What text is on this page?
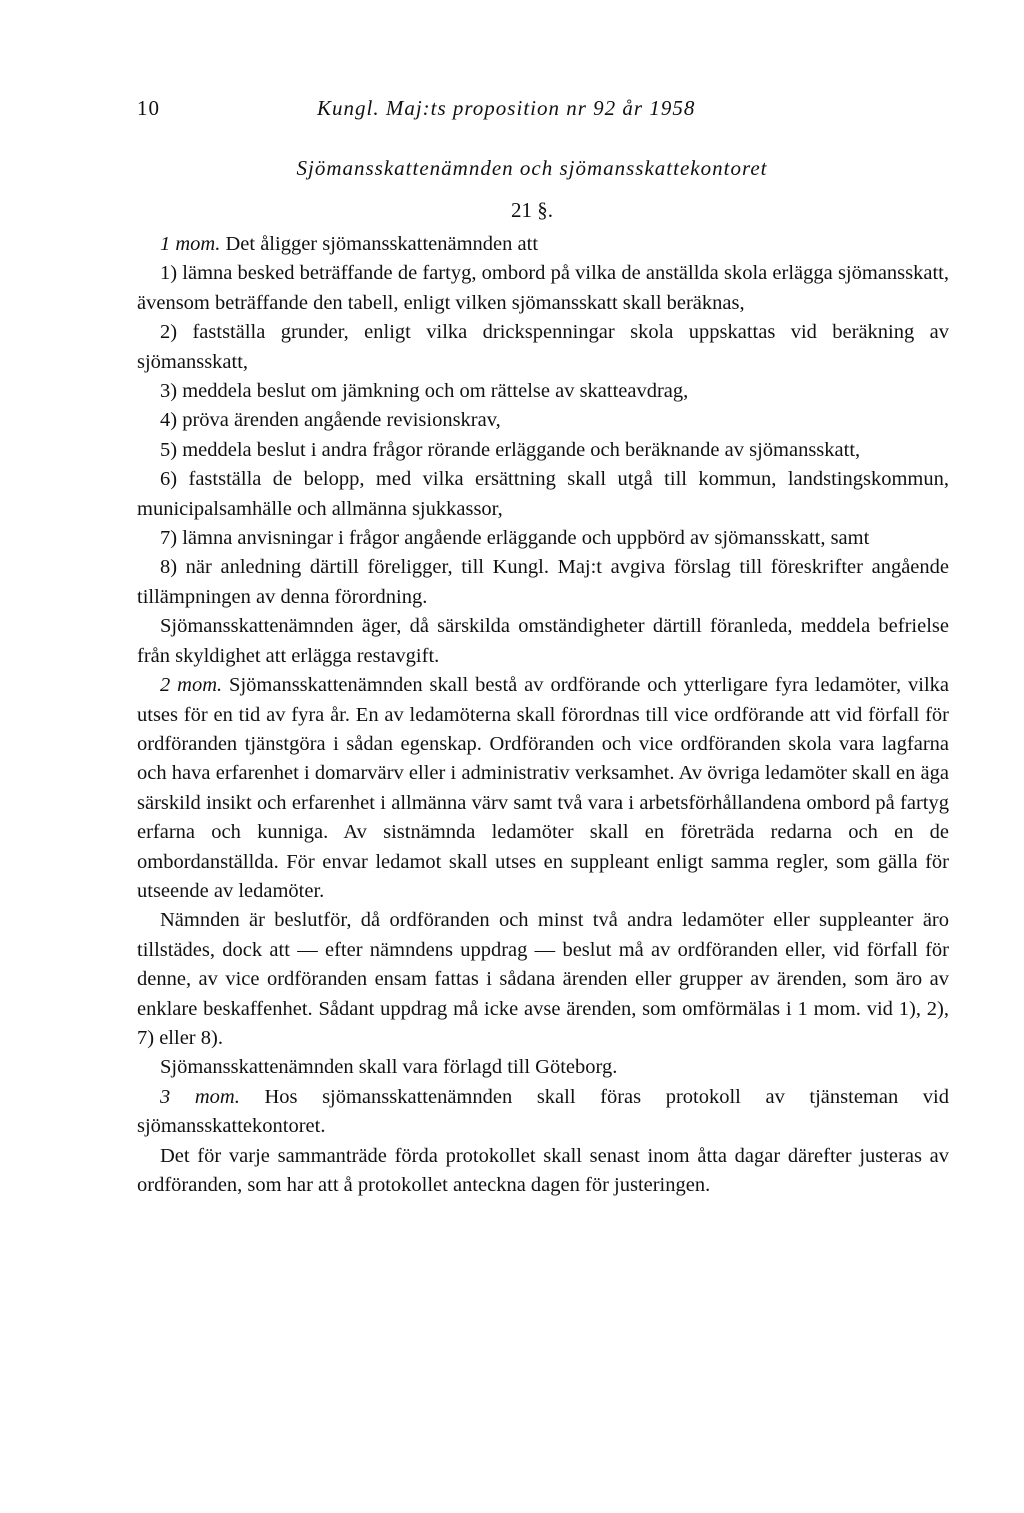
10	Kungl. Maj:ts proposition nr 92 år 1958
Sjömansskattenämnden och sjömansskattekontoret
21 §.

1 mom. Det åligger sjömansskattenämnden att

1) lämna besked beträffande de fartyg, ombord på vilka de anställda skola erlägga sjömansskatt, ävensom beträffande den tabell, enligt vilken sjömansskatt skall beräknas,

2) fastställa grunder, enligt vilka drickspenningar skola uppskattas vid beräkning av sjömansskatt,

3) meddela beslut om jämkning och om rättelse av skatteavdrag,

4) pröva ärenden angående revisionskrav,

5) meddela beslut i andra frågor rörande erläggande och beräknande av sjömansskatt,

6) fastställa de belopp, med vilka ersättning skall utgå till kommun, landstingskommun, municipalsamhälle och allmänna sjukkassor,

7) lämna anvisningar i frågor angående erläggande och uppbörd av sjömansskatt, samt

8) när anledning därtill föreligger, till Kungl. Maj:t avgiva förslag till föreskrifter angående tillämpningen av denna förordning.

Sjömansskattenämnden äger, då särskilda omständigheter därtill föranleda, meddela befrielse från skyldighet att erlägga restavgift.

2 mom. Sjömansskattenämnden skall bestå av ordförande och ytterligare fyra ledamöter, vilka utses för en tid av fyra år. En av ledamöterna skall förordnas till vice ordförande att vid förfall för ordföranden tjänstgöra i sådan egenskap. Ordföranden och vice ordföranden skola vara lagfarna och hava erfarenhet i domarvärv eller i administrativ verksamhet. Av övriga ledamöter skall en äga särskild insikt och erfarenhet i allmänna värv samt två vara i arbetsförhållandena ombord på fartyg erfarna och kunniga. Av sistnämnda ledamöter skall en företräda redarna och en de ombordanställda. För envar ledamot skall utses en suppleant enligt samma regler, som gälla för utseende av ledamöter.

Nämnden är beslutför, då ordföranden och minst två andra ledamöter eller suppleanter äro tillstädes, dock att — efter nämndens uppdrag — beslut må av ordföranden eller, vid förfall för denne, av vice ordföranden ensam fattas i sådana ärenden eller grupper av ärenden, som äro av enklare beskaffenhet. Sådant uppdrag må icke avse ärenden, som omförmälas i 1 mom. vid 1), 2), 7) eller 8).

Sjömansskattenämnden skall vara förlagd till Göteborg.

3 mom. Hos sjömansskattenämnden skall föras protokoll av tjänsteman vid sjömansskattekontoret.

Det för varje sammanträde förda protokollet skall senast inom åtta dagar därefter justeras av ordföranden, som har att å protokollet anteckna dagen för justeringen.
